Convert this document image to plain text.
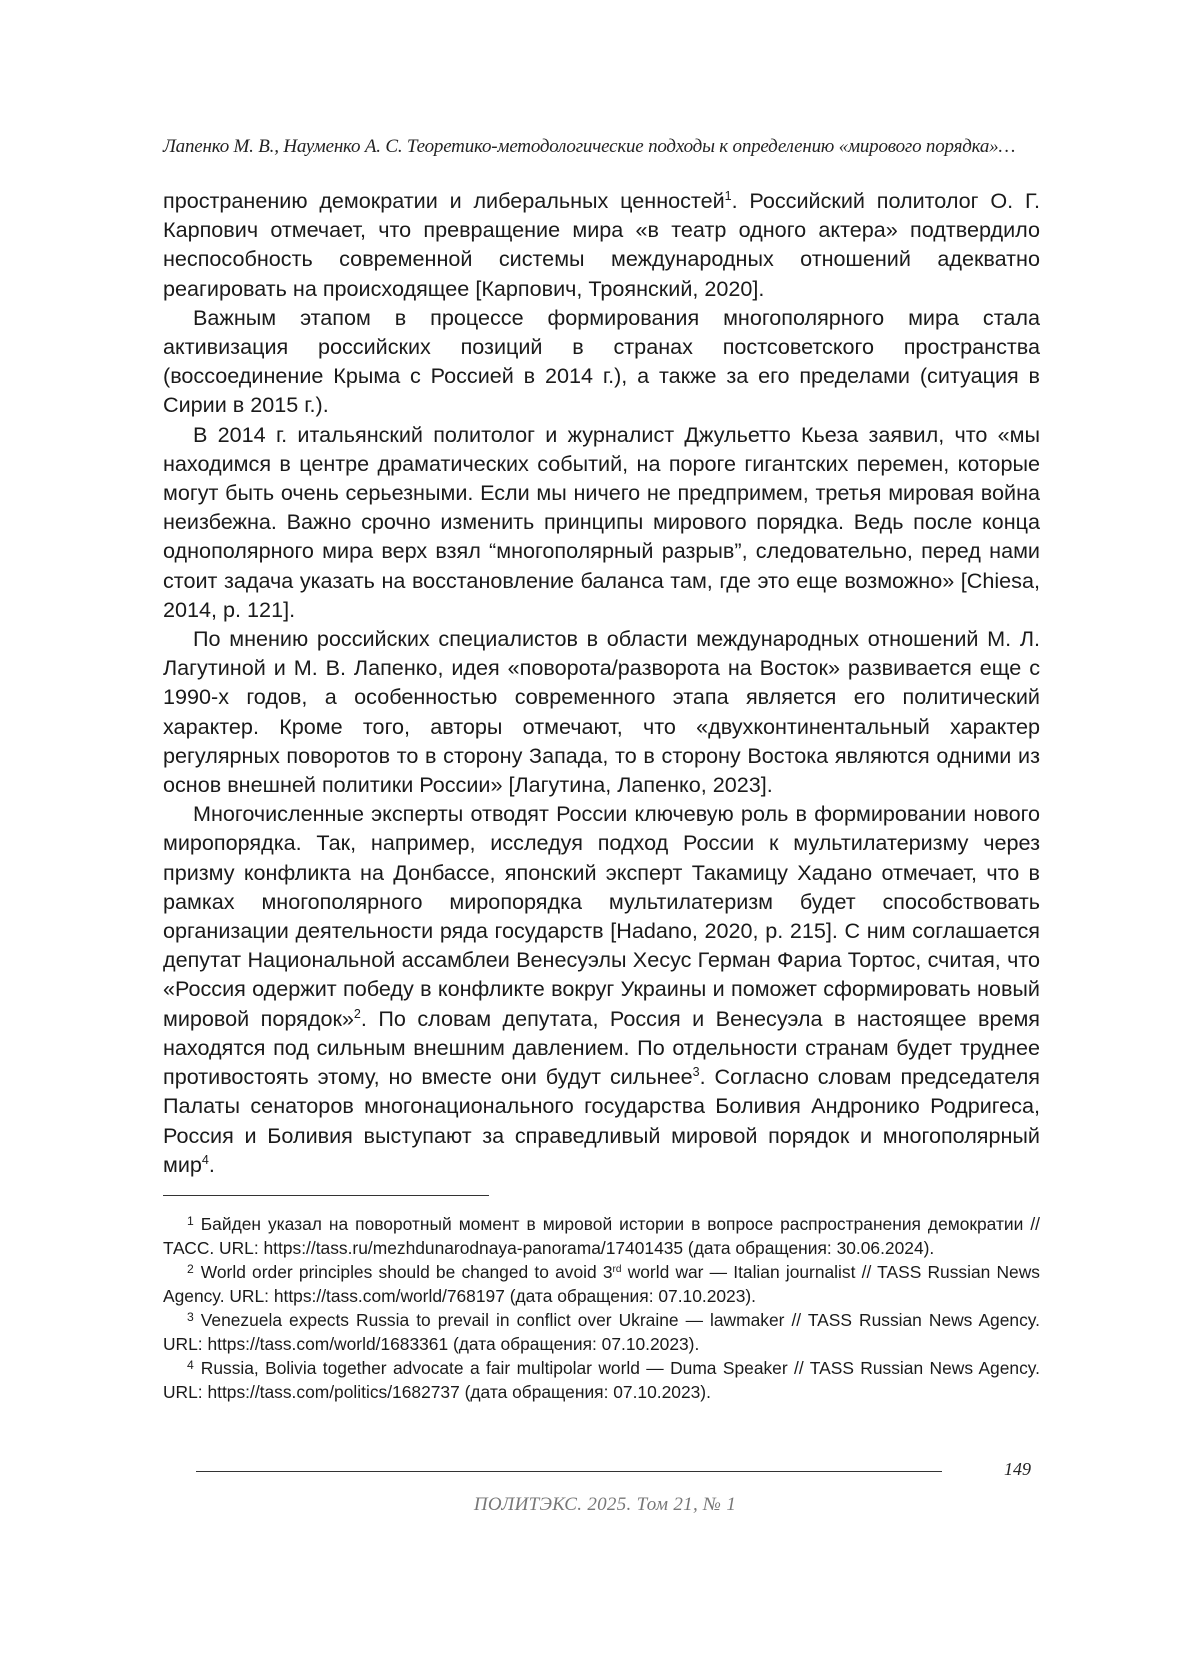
Лапенко М. В., Науменко А. С. Теоретико-методологические подходы к определению «мирового порядка»…

пространению демократии и либеральных ценностей$^1$. Российский политолог О. Г. Карпович отмечает, что превращение мира «в театр одного актера» подтвердило неспособность современной системы международных отношений адекватно реагировать на происходящее [Карпович, Троянский, 2020].

Важным этапом в процессе формирования многополярного мира стала активизация российских позиций в странах постсоветского пространства (воссоединение Крыма с Россией в 2014 г.), а также за его пределами (ситуация в Сирии в 2015 г.).

В 2014 г. итальянский политолог и журналист Джульетто Кьеза заявил, что «мы находимся в центре драматических событий, на пороге гигантских перемен, которые могут быть очень серьезными. Если мы ничего не предпримем, третья мировая война неизбежна. Важно срочно изменить принципы мирового порядка. Ведь после конца однополярного мира верх взял “многополярный разрыв”, следовательно, перед нами стоит задача указать на восстановление баланса там, где это еще возможно» [Chiesa, 2014, p. 121].

По мнению российских специалистов в области международных отношений М. Л. Лагутиной и М. В. Лапенко, идея «поворота/разворота на Восток» развивается еще с 1990-х годов, а особенностью современного этапа является его политический характер. Кроме того, авторы отмечают, что «двухконтинентальный характер регулярных поворотов то в сторону Запада, то в сторону Востока являются одними из основ внешней политики России» [Лагутина, Лапенко, 2023].

Многочисленные эксперты отводят России ключевую роль в формировании нового миропорядка. Так, например, исследуя подход России к мультилатеризму через призму конфликта на Донбассе, японский эксперт Такамицу Хадано отмечает, что в рамках многополярного миропорядка мультилатеризм будет способствовать организации деятельности ряда государств [Hadano, 2020, p. 215]. С ним соглашается депутат Национальной ассамблеи Венесуэлы Хесус Герман Фариа Тортос, считая, что «Россия одержит победу в конфликте вокруг Украины и поможет сформировать новый мировой порядок»$^2$. По словам депутата, Россия и Венесуэла в настоящее время находятся под сильным внешним давлением. По отдельности странам будет труднее противостоять этому, но вместе они будут сильнее$^3$. Согласно словам председателя Палаты сенаторов многонационального государства Боливия Андронико Родригеса, Россия и Боливия выступают за справедливый мировой порядок и многополярный мир$^4$.

$^1$ Байден указал на поворотный момент в мировой истории в вопросе распространения демократии // ТАСС. URL: https://tass.ru/mezhdunarodnaya-panorama/17401435 (дата обращения: 30.06.2024).

$^2$ World order principles should be changed to avoid 3rd world war — Italian journalist // TASS Russian News Agency. URL: https://tass.com/world/768197 (дата обращения: 07.10.2023).

$^3$ Venezuela expects Russia to prevail in conflict over Ukraine — lawmaker // TASS Russian News Agency. URL: https://tass.com/world/1683361 (дата обращения: 07.10.2023).

$^4$ Russia, Bolivia together advocate a fair multipolar world — Duma Speaker // TASS Russian News Agency. URL: https://tass.com/politics/1682737 (дата обращения: 07.10.2023).

149
ПОЛИТЭКС. 2025. Том 21, № 1
